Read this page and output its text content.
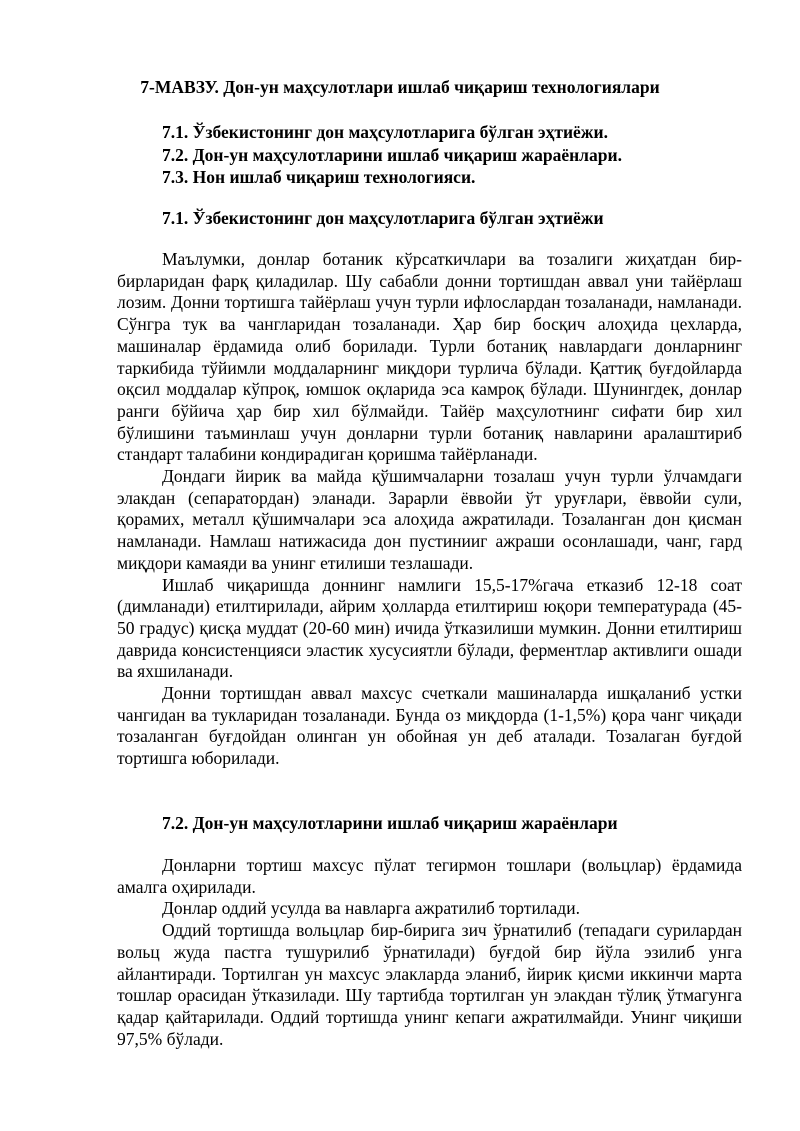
7-МАВЗУ. Дон-ун маҳсулотлари ишлаб чиқариш технологиялари
7.1. Ўзбекистонинг дон маҳсулотларига бўлган эҳтиёжи.
7.2. Дон-ун маҳсулотларини ишлаб чиқариш жараёнлари.
7.3. Нон ишлаб чиқариш технологияси.
7.1. Ўзбекистонинг дон маҳсулотларига бўлган эҳтиёжи

Маълумки, донлар ботаник кўрсаткичлари ва тозалиги жиҳатдан бир-бирларидан фарқ қиладилар. Шу сабабли донни тортишдан аввал уни тайёрлаш лозим. Донни тортишга тайёрлаш учун турли ифлослардан тозаланади, намланади. Сўнгра тук ва чангларидан тозаланади. Ҳар бир босқич алоҳида цехларда, машиналар ёрдамида олиб борилади. Турли ботаниқ навлардаги донларнинг таркибида тўйимли моддаларнинг миқдори турлича бўлади. Қаттиқ буғдойларда оқсил моддалар кўпроқ, юмшок оқларида эса камроқ бўлади. Шунингдек, донлар ранги бўйича ҳар бир хил бўлмайди. Тайёр маҳсулотнинг сифати бир хил бўлишини таъминлаш учун донларни турли ботаниқ навларини аралаштириб стандарт талабини кондирадиган қоришма тайёрланади.

Дондаги йирик ва майда қўшимчаларни тозалаш учун турли ўлчамдаги элакдан (сепаратордан) эланади. Зарарли ёввойи ўт уруғлари, ёввойи сули, қорамих, металл қўшимчалари эса алоҳида ажратилади. Тозаланган дон қисман намланади. Намлаш натижасида дон пустинииг ажраши осонлашади, чанг, гард миқдори камаяди ва унинг етилиши тезлашади.

Ишлаб чиқаришда доннинг намлиги 15,5-17%гача етказиб 12-18 соат (димланади) етилтирилади, айрим ҳолларда етилтириш юқори температурада (45-50 градус) қисқа муддат (20-60 мин) ичида ўтказилиши мумкин. Донни етилтириш даврида консистенцияси эластик хусусиятли бўлади, ферментлар активлиги ошади ва яхшиланади.

Донни тортишдан аввал махсус счеткали машиналарда ишқаланиб устки чангидан ва тукларидан тозаланади. Бунда оз миқдорда (1-1,5%) қора чанг чиқади тозаланган буғдойдан олинган ун обойная ун деб аталади. Тозалаган буғдой тортишга юборилади.

7.2. Дон-ун маҳсулотларини ишлаб чиқариш жараёнлари

Донларни тортиш махсус пўлат тегирмон тошлари (вольцлар) ёрдамида амалга оҳирилади.

Донлар оддий усулда ва навларга ажратилиб тортилади.

Оддий тортишда вольцлар бир-бирига зич ўрнатилиб (тепадаги сурилардан вольц жуда пастга тушурилиб ўрнатилади) буғдой бир йўла эзилиб унга айлантиради. Тортилган ун махсус элакларда эланиб, йирик қисми иккинчи марта тошлар орасидан ўтказилади. Шу тартибда тортилган ун элакдан тўлиқ ўтмагунга қадар қайтарилади. Оддий тортишда унинг кепаги ажратилмайди. Унинг чиқиши 97,5% бўлади.
